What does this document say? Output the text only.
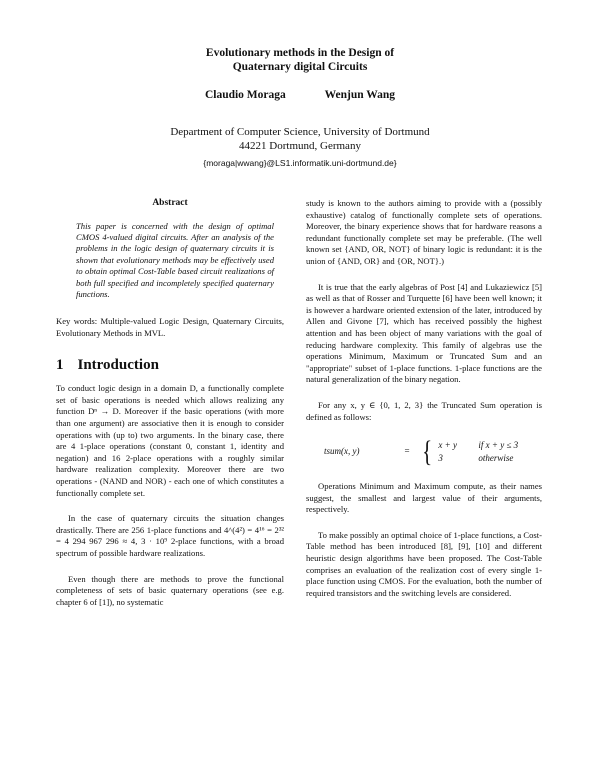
Evolutionary methods in the Design of
Quaternary digital Circuits
Claudio Moraga	Wenjun Wang
Department of Computer Science, University of Dortmund
44221 Dortmund, Germany
{moraga|wwang}@LS1.informatik.uni-dortmund.de}
Abstract
This paper is concerned with the design of optimal CMOS 4-valued digital circuits. After an analysis of the problems in the logic design of quaternary circuits it is shown that evolutionary methods may be effectively used to obtain optimal Cost-Table based circuit realizations of both full specified and incompletely specified quaternary functions.
Key words: Multiple-valued Logic Design, Quaternary Circuits, Evolutionary Methods in MVL.
1 Introduction

To conduct logic design in a domain D, a functionally complete set of basic operations is needed which allows realizing any function Dⁿ → D. Moreover if the basic operations (with more than one argument) are associative then it is enough to consider operations with (up to) two arguments. In the binary case, there are 4 1-place operations (constant 0, constant 1, identity and negation) and 16 2-place operations with a roughly similar hardware realization complexity. Moreover there are two operations - (NAND and NOR) - each one of which constitutes a functionally complete set.

In the case of quaternary circuits the situation changes drastically. There are 256 1-place functions and 4^(4²) = 4¹⁶ = 2³² = 4 294 967 296 ≈ 4, 3 · 10⁹ 2-place functions, with a broad spectrum of possible hardware realizations.

Even though there are methods to prove the functional completeness of sets of basic quaternary operations (see e.g. chapter 6 of [1]), no systematic

study is known to the authors aiming to provide with a (possibly exhaustive) catalog of functionally complete sets of operations. Moreover, the binary experience shows that for hardware reasons a redundant functionally complete set may be preferable. (The well known set {AND, OR, NOT} of binary logic is redundant: it is the union of {AND, OR} and {OR, NOT}.)

It is true that the early algebras of Post [4] and Lukaziewicz [5] as well as that of Rosser and Turquette [6] have been well known; it is however a hardware oriented extension of the later, introduced by Allen and Givone [7], which has received possibly the highest attention and has been object of many variations with the goal of reducing hardware complexity. This family of algebras use the operations Minimum, Maximum or Truncated Sum and an "appropriate" subset of 1-place functions. 1-place functions are the natural generalization of the binary negation.

For any x, y ∈ {0, 1, 2, 3} the Truncated Sum operation is defined as follows:

tsum(x, y)	= { x + y	if x + y ≤ 3
3	otherwise

Operations Minimum and Maximum compute, as their names suggest, the smallest and largest value of their arguments, respectively.

To make possibly an optimal choice of 1-place functions, a Cost-Table method has been introduced [8], [9], [10] and different heuristic design algorithms have been proposed. The Cost-Table comprises an evaluation of the realization cost of every single 1-place function using CMOS. For the evaluation, both the number of required transistors and the switching levels are considered.
